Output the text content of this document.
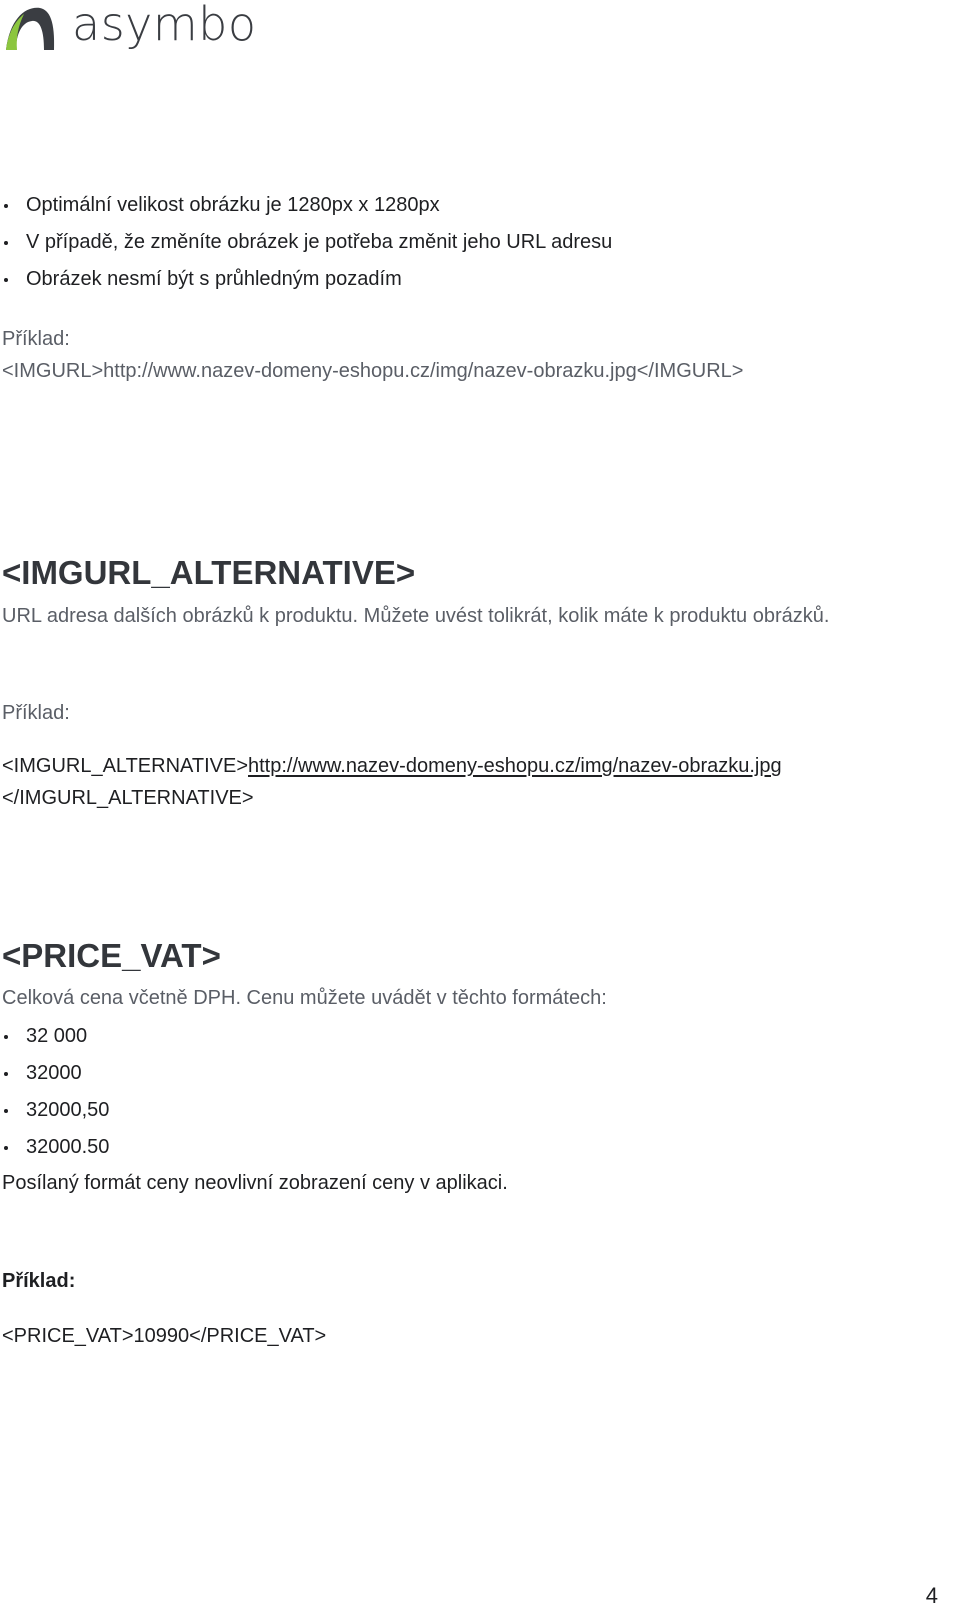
asymbo
Optimální velikost obrázku je 1280px x 1280px
V případě, že změníte obrázek je potřeba změnit jeho URL adresu
Obrázek nesmí být s průhledným pozadím
Příklad:
<IMGURL>http://www.nazev-domeny-eshopu.cz/img/nazev-obrazku.jpg</IMGURL>
<IMGURL_ALTERNATIVE>
URL adresa dalších obrázků k produktu. Můžete uvést tolikrát, kolik máte k produktu obrázků.
Příklad:
<IMGURL_ALTERNATIVE>http://www.nazev-domeny-eshopu.cz/img/nazev-obrazku.jpg
</IMGURL_ALTERNATIVE>
<PRICE_VAT>
Celková cena včetně DPH. Cenu můžete uvádět v těchto formátech:
32 000
32000
32000,50
32000.50
Posílaný formát ceny neovlivní zobrazení ceny v aplikaci.
Příklad:
<PRICE_VAT>10990</PRICE_VAT>
4
